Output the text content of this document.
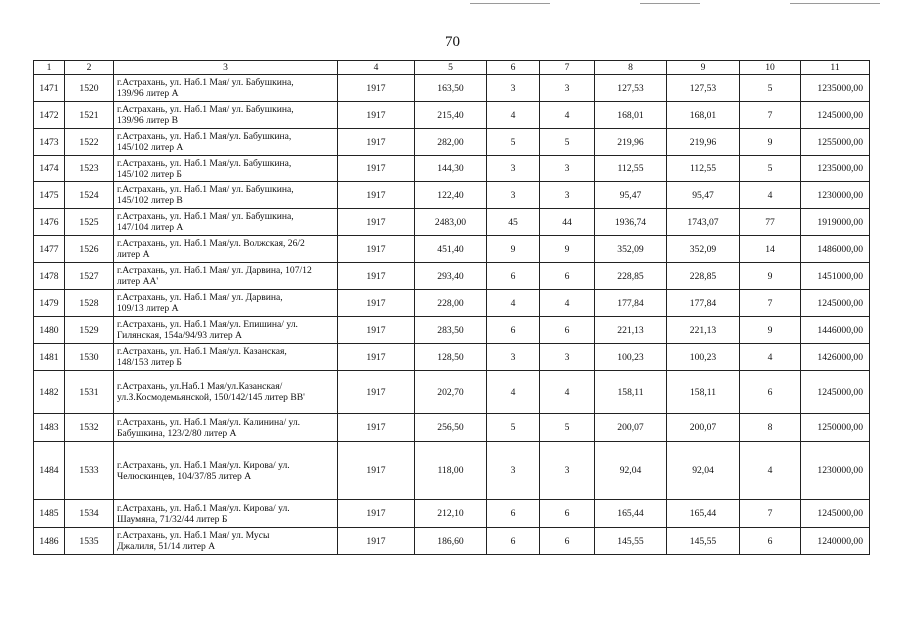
70
1	2	3	4	5	6	7	8	9	10	11
1471	1520	г.Астрахань, ул. Наб.1 Мая/ ул. Бабушкина,
139/96 литер А	1917	163,50	3	3	127,53	127,53	5	1235000,00
1472	1521	г.Астрахань, ул. Наб.1 Мая/ ул. Бабушкина,
139/96 литер В	1917	215,40	4	4	168,01	168,01	7	1245000,00
1473	1522	г.Астрахань, ул. Наб.1 Мая/ул. Бабушкина,
145/102 литер А	1917	282,00	5	5	219,96	219,96	9	1255000,00
1474	1523	г.Астрахань, ул. Наб.1 Мая/ул. Бабушкина,
145/102 литер Б	1917	144,30	3	3	112,55	112,55	5	1235000,00
1475	1524	г.Астрахань, ул. Наб.1 Мая/ ул. Бабушкина,
145/102 литер В	1917	122,40	3	3	95,47	95,47	4	1230000,00
1476	1525	г.Астрахань, ул. Наб.1 Мая/ ул. Бабушкина,
147/104 литер А	1917	2483,00	45	44	1936,74	1743,07	77	1919000,00
1477	1526	г.Астрахань, ул. Наб.1 Мая/ул. Волжская, 26/2
литер А	1917	451,40	9	9	352,09	352,09	14	1486000,00
1478	1527	г.Астрахань, ул. Наб.1 Мая/ ул. Дарвина, 107/12
литер АА'	1917	293,40	6	6	228,85	228,85	9	1451000,00
1479	1528	г.Астрахань, ул. Наб.1 Мая/ ул. Дарвина,
109/13 литер А	1917	228,00	4	4	177,84	177,84	7	1245000,00
1480	1529	г.Астрахань, ул. Наб.1 Мая/ул. Епишина/ ул.
Гилянская, 154а/94/93 литер А	1917	283,50	6	6	221,13	221,13	9	1446000,00
1481	1530	г.Астрахань, ул. Наб.1 Мая/ул. Казанская,
148/153 литер Б	1917	128,50	3	3	100,23	100,23	4	1426000,00
1482	1531	г.Астрахань, ул.Наб.1 Мая/ул.Казанская/
ул.З.Космодемьянской, 150/142/145 литер ВВ'	1917	202,70	4	4	158,11	158,11	6	1245000,00
1483	1532	г.Астрахань, ул. Наб.1 Мая/ул. Калинина/ ул.
Бабушкина, 123/2/80 литер А	1917	256,50	5	5	200,07	200,07	8	1250000,00
1484	1533	г.Астрахань, ул. Наб.1 Мая/ул. Кирова/ ул.
Челюскинцев, 104/37/85 литер А	1917	118,00	3	3	92,04	92,04	4	1230000,00
1485	1534	г.Астрахань, ул. Наб.1 Мая/ул. Кирова/ ул.
Шаумяна, 71/32/44 литер Б	1917	212,10	6	6	165,44	165,44	7	1245000,00
1486	1535	г.Астрахань, ул. Наб.1 Мая/ ул. Мусы
Джалиля, 51/14 литер А	1917	186,60	6	6	145,55	145,55	6	1240000,00
